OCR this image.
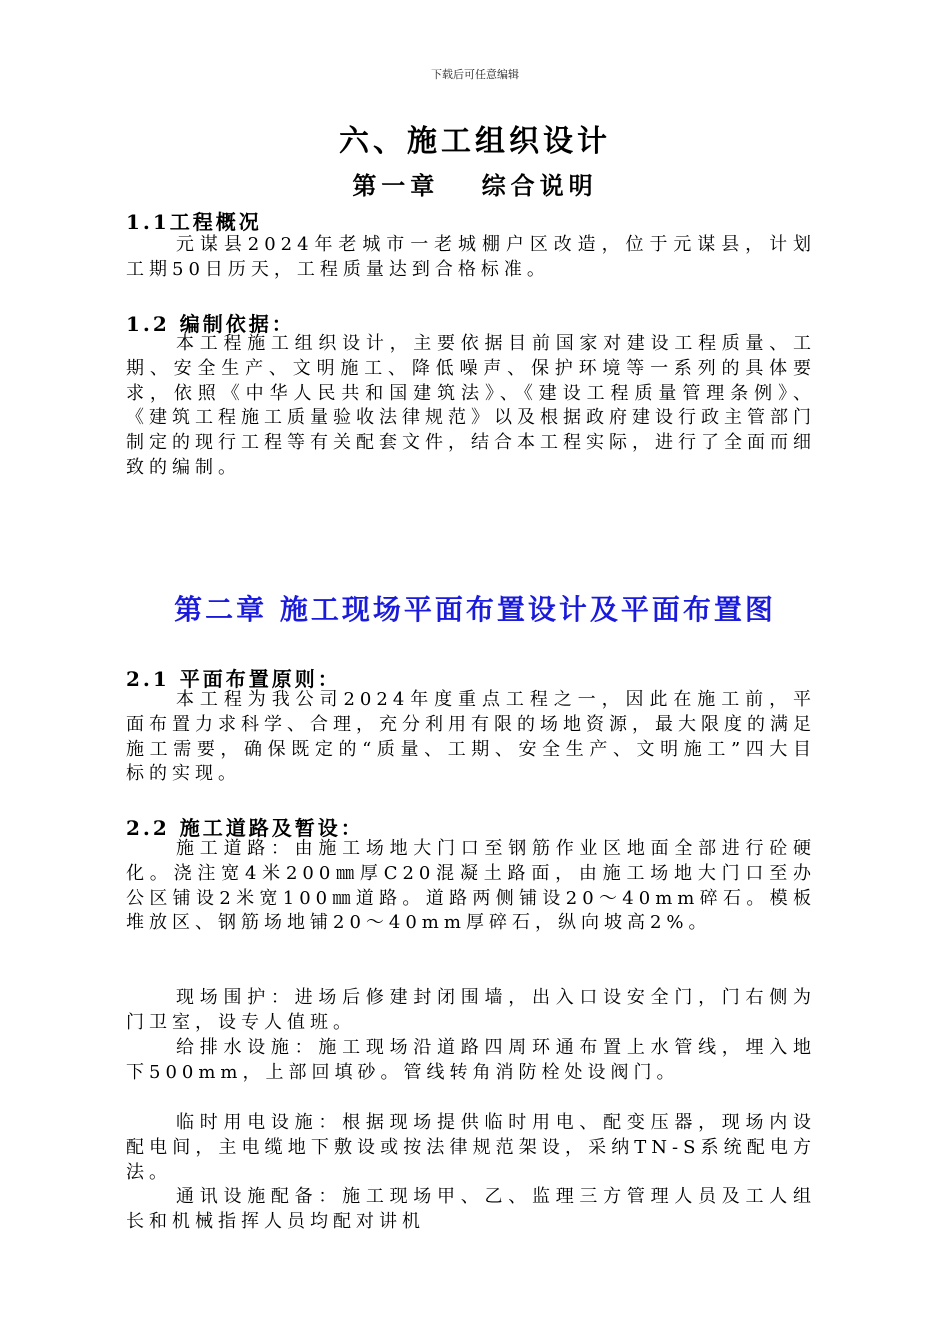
下载后可任意编辑
六、施工组织设计
第一章　 综合说明
1.1工程概况

元谋县2024年老城市一老城棚户区改造，位于元谋县，计划工期50日历天，工程质量达到合格标准。

1.2 编制依据：

本工程施工组织设计，主要依据目前国家对建设工程质量、工期、安全生产、文明施工、降低噪声、保护环境等一系列的具体要求，依照《中华人民共和国建筑法》、《建设工程质量管理条例》、《建筑工程施工质量验收法律规范》以及根据政府建设行政主管部门制定的现行工程等有关配套文件，结合本工程实际，进行了全面而细致的编制。

第二章 施工现场平面布置设计及平面布置图
2.1 平面布置原则：

本工程为我公司2024年度重点工程之一，因此在施工前，平面布置力求科学、合理，充分利用有限的场地资源，最大限度的满足施工需要，确保既定的“质量、工期、安全生产、文明施工”四大目标的实现。

2.2 施工道路及暂设：

施工道路：由施工场地大门口至钢筋作业区地面全部进行砼硬化。浇注宽4米200㎜厚C20混凝土路面，由施工场地大门口至办公区铺设2米宽100㎜道路。道路两侧铺设20～40mm碎石。模板堆放区、钢筋场地铺20～40mm厚碎石，纵向坡高2%。

现场围护：进场后修建封闭围墙，出入口设安全门，门右侧为门卫室，设专人值班。

给排水设施：施工现场沿道路四周环通布置上水管线，埋入地下500mm，上部回填砂。管线转角消防栓处设阀门。

临时用电设施：根据现场提供临时用电、配变压器，现场内设配电间，主电缆地下敷设或按法律规范架设，采纳TN-S系统配电方法。

通讯设施配备：施工现场甲、乙、监理三方管理人员及工人组长和机械指挥人员均配对讲机
